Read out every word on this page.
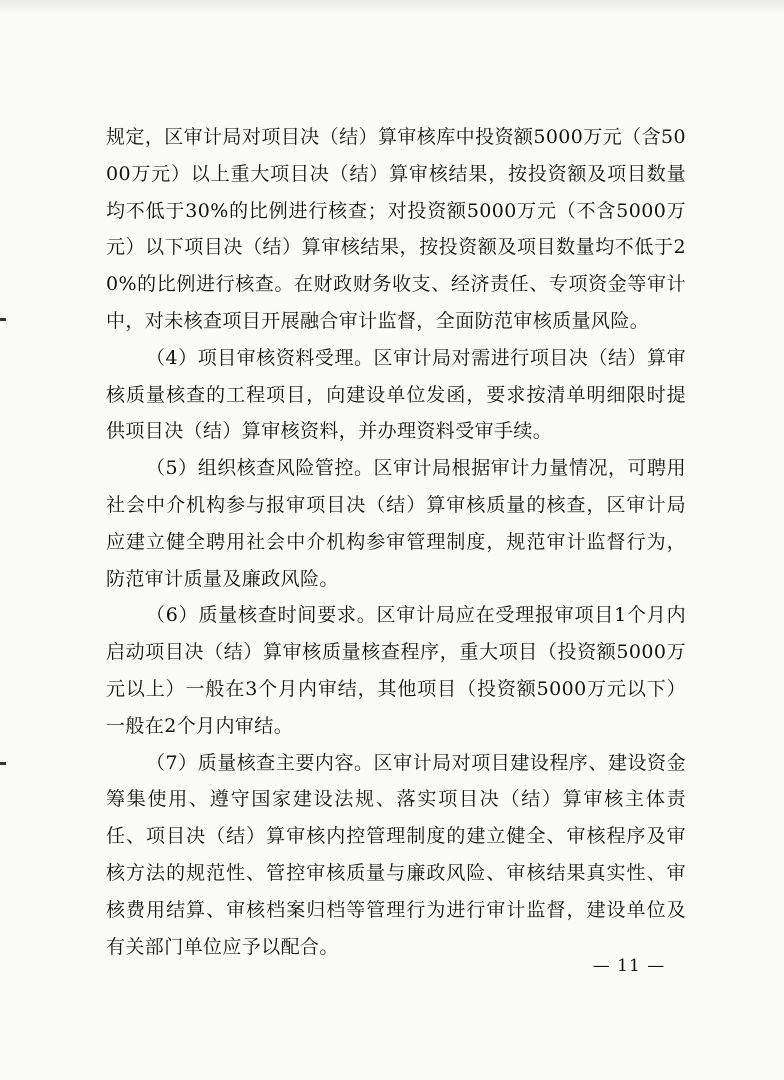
规定，区审计局对项目决（结）算审核库中投资额5000万元（含5000万元）以上重大项目决（结）算审核结果，按投资额及项目数量均不低于30%的比例进行核查；对投资额5000万元（不含5000万元）以下项目决（结）算审核结果，按投资额及项目数量均不低于20%的比例进行核查。在财政财务收支、经济责任、专项资金等审计中，对未核查项目开展融合审计监督，全面防范审核质量风险。

（4）项目审核资料受理。区审计局对需进行项目决（结）算审核质量核查的工程项目，向建设单位发函，要求按清单明细限时提供项目决（结）算审核资料，并办理资料受审手续。

（5）组织核查风险管控。区审计局根据审计力量情况，可聘用社会中介机构参与报审项目决（结）算审核质量的核查，区审计局应建立健全聘用社会中介机构参审管理制度，规范审计监督行为，防范审计质量及廉政风险。

（6）质量核查时间要求。区审计局应在受理报审项目1个月内启动项目决（结）算审核质量核查程序，重大项目（投资额5000万元以上）一般在3个月内审结，其他项目（投资额5000万元以下）一般在2个月内审结。

（7）质量核查主要内容。区审计局对项目建设程序、建设资金筹集使用、遵守国家建设法规、落实项目决（结）算审核主体责任、项目决（结）算审核内控管理制度的建立健全、审核程序及审核方法的规范性、管控审核质量与廉政风险、审核结果真实性、审核费用结算、审核档案归档等管理行为进行审计监督，建设单位及有关部门单位应予以配合。

— 11 —
